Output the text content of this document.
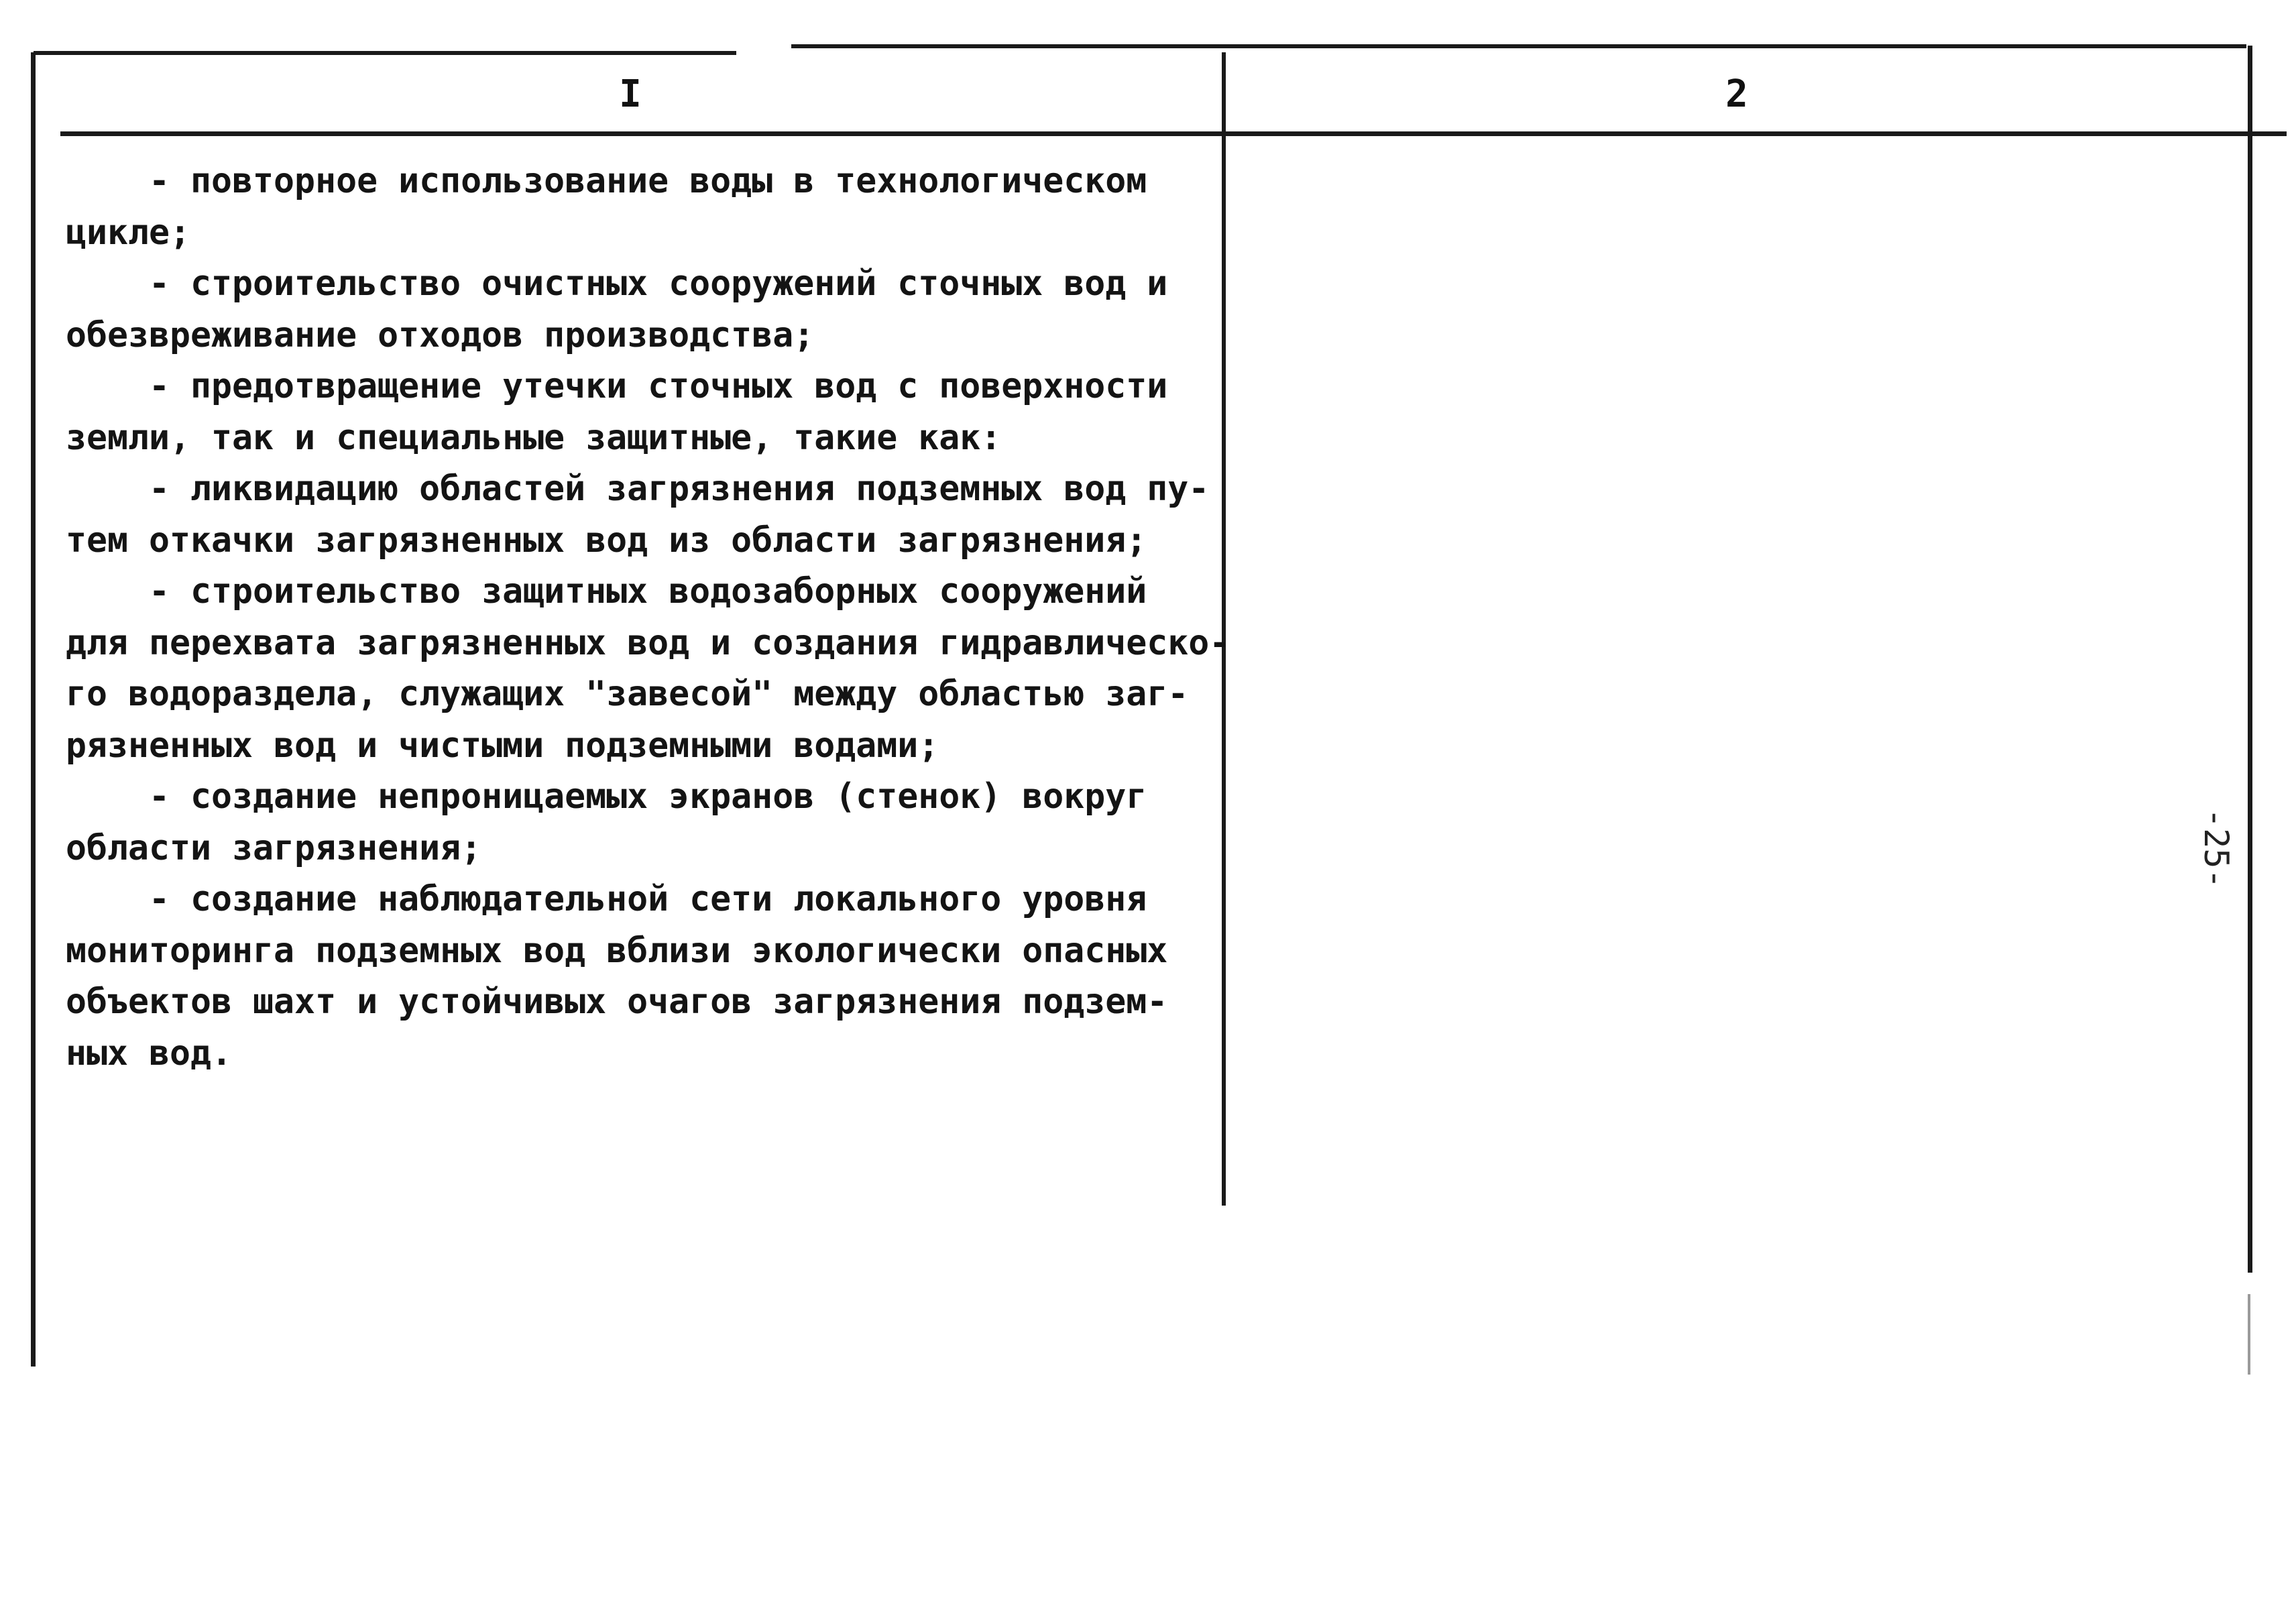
I	2
- повторное использование воды в технологическом
цикле;
- строительство очистных сооружений сточных вод и
обезвреживание отходов производства;
- предотвращение утечки сточных вод с поверхности
земли, так и специальные защитные, такие как:
- ликвидацию областей загрязнения подземных вод пу-
тем откачки загрязненных вод из области загрязнения;
- строительство защитных водозаборных сооружений
для перехвата загрязненных вод и создания гидравлическо-
го водораздела, служащих "завесой" между областью заг-
рязненных вод и чистыми подземными водами;
- создание непроницаемых экранов (стенок) вокруг
области загрязнения;
- создание наблюдательной сети локального уровня
мониторинга подземных вод вблизи экологически опасных
объектов шахт и устойчивых очагов загрязнения подзем-
ных вод.
-25-
